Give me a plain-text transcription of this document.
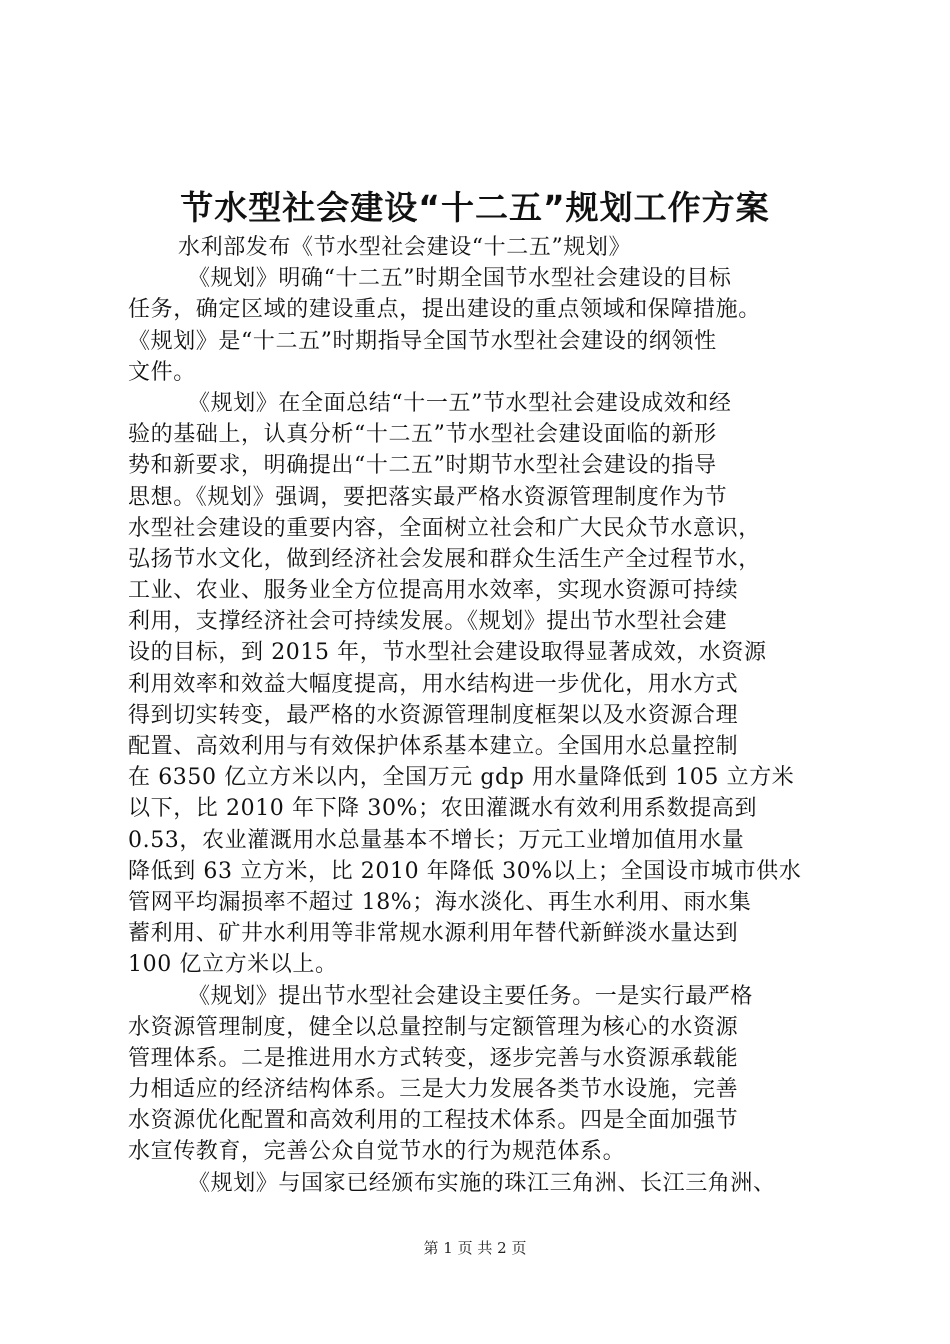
节水型社会建设“十二五”规划工作方案

水利部发布《节水型社会建设“十二五”规划》

《规划》明确“十二五”时期全国节水型社会建设的目标

任务，确定区域的建设重点，提出建设的重点领域和保障措施。

《规划》是“十二五”时期指导全国节水型社会建设的纲领性

文件。

《规划》在全面总结“十一五”节水型社会建设成效和经

验的基础上，认真分析“十二五”节水型社会建设面临的新形

势和新要求，明确提出“十二五”时期节水型社会建设的指导

思想。《规划》强调，要把落实最严格水资源管理制度作为节

水型社会建设的重要内容，全面树立社会和广大民众节水意识，

弘扬节水文化，做到经济社会发展和群众生活生产全过程节水，

工业、农业、服务业全方位提高用水效率，实现水资源可持续

利用，支撑经济社会可持续发展。《规划》提出节水型社会建

设的目标，到 2015 年，节水型社会建设取得显著成效，水资源

利用效率和效益大幅度提高，用水结构进一步优化，用水方式

得到切实转变，最严格的水资源管理制度框架以及水资源合理

配置、高效利用与有效保护体系基本建立。全国用水总量控制

在 6350 亿立方米以内，全国万元 gdp 用水量降低到 105 立方米

以下，比 2010 年下降 30%；农田灌溉水有效利用系数提高到

0.53，农业灌溉用水总量基本不增长；万元工业增加值用水量

降低到 63 立方米，比 2010 年降低 30%以上；全国设市城市供水

管网平均漏损率不超过 18%；海水淡化、再生水利用、雨水集

蓄利用、矿井水利用等非常规水源利用年替代新鲜淡水量达到

100 亿立方米以上。

《规划》提出节水型社会建设主要任务。一是实行最严格

水资源管理制度，健全以总量控制与定额管理为核心的水资源

管理体系。二是推进用水方式转变，逐步完善与水资源承载能

力相适应的经济结构体系。三是大力发展各类节水设施，完善

水资源优化配置和高效利用的工程技术体系。四是全面加强节

水宣传教育，完善公众自觉节水的行为规范体系。

《规划》与国家已经颁布实施的珠江三角洲、长江三角洲、

第 1 页 共 2 页
